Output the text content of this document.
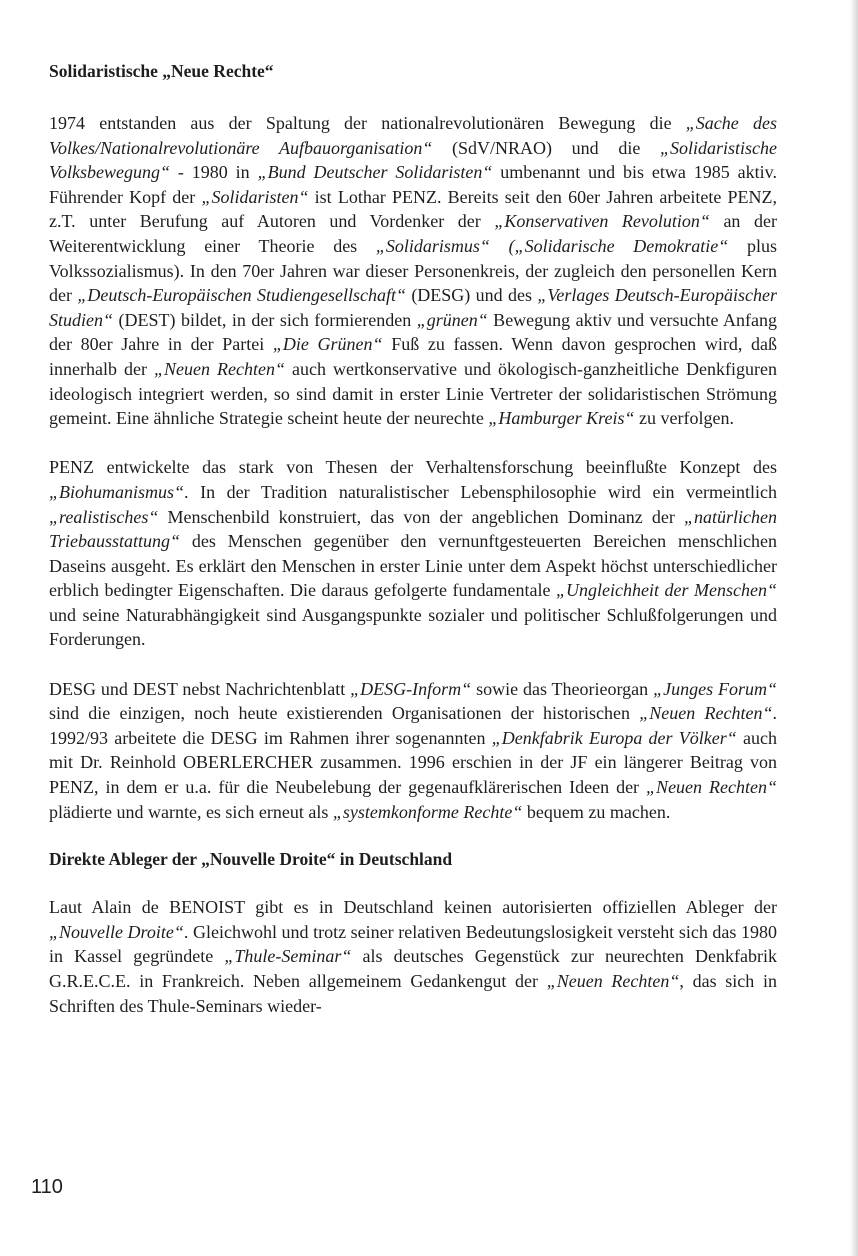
Solidaristische „Neue Rechte“

1974 entstanden aus der Spaltung der nationalrevolutionären Bewegung die „Sache des Volkes/Nationalrevolutionäre Aufbauorganisation“ (SdV/NRAO) und die „Solidaristische Volksbewegung“ - 1980 in „Bund Deutscher Solidaristen“ umbenannt und bis etwa 1985 aktiv. Führender Kopf der „Solidaristen“ ist Lothar PENZ. Bereits seit den 60er Jahren arbeitete PENZ, z.T. unter Berufung auf Autoren und Vordenker der „Konservativen Revolution“ an der Weiterentwicklung einer Theorie des „Solidarismus“ („Solidarische Demokratie“ plus Volkssozialismus). In den 70er Jahren war dieser Personenkreis, der zugleich den personellen Kern der „Deutsch-Europäischen Studiengesellschaft“ (DESG) und des „Verlages Deutsch-Europäischer Studien“ (DEST) bildet, in der sich formierenden „grünen“ Bewegung aktiv und versuchte Anfang der 80er Jahre in der Partei „Die Grünen“ Fuß zu fassen. Wenn davon gesprochen wird, daß innerhalb der „Neuen Rechten“ auch wertkonservative und ökologisch-ganzheitliche Denkfiguren ideologisch integriert werden, so sind damit in erster Linie Vertreter der solidaristischen Strömung gemeint. Eine ähnliche Strategie scheint heute der neurechte „Hamburger Kreis“ zu verfolgen.

PENZ entwickelte das stark von Thesen der Verhaltensforschung beeinflußte Konzept des „Biohumanismus“. In der Tradition naturalistischer Lebensphilosophie wird ein vermeintlich „realistisches“ Menschenbild konstruiert, das von der angeblichen Dominanz der „natürlichen Triebausstattung“ des Menschen gegenüber den vernunftgesteuerten Bereichen menschlichen Daseins ausgeht. Es erklärt den Menschen in erster Linie unter dem Aspekt höchst unterschiedlicher erblich bedingter Eigenschaften. Die daraus gefolgerte fundamentale „Ungleichheit der Menschen“ und seine Naturabhängigkeit sind Ausgangspunkte sozialer und politischer Schlußfolgerungen und Forderungen.

DESG und DEST nebst Nachrichtenblatt „DESG-Inform“ sowie das Theorieorgan „Junges Forum“ sind die einzigen, noch heute existierenden Organisationen der historischen „Neuen Rechten“. 1992/93 arbeitete die DESG im Rahmen ihrer sogenannten „Denkfabrik Europa der Völker“ auch mit Dr. Reinhold OBERLERCHER zusammen. 1996 erschien in der JF ein längerer Beitrag von PENZ, in dem er u.a. für die Neubelebung der gegenaufklärerischen Ideen der „Neuen Rechten“ plädierte und warnte, es sich erneut als „systemkonforme Rechte“ bequem zu machen.

Direkte Ableger der „Nouvelle Droite“ in Deutschland

Laut Alain de BENOIST gibt es in Deutschland keinen autorisierten offiziellen Ableger der „Nouvelle Droite“. Gleichwohl und trotz seiner relativen Bedeutungslosigkeit versteht sich das 1980 in Kassel gegründete „Thule-Seminar“ als deutsches Gegenstück zur neurechten Denkfabrik G.R.E.C.E. in Frankreich. Neben allgemeinem Gedankengut der „Neuen Rechten“, das sich in Schriften des Thule-Seminars wieder-

110
